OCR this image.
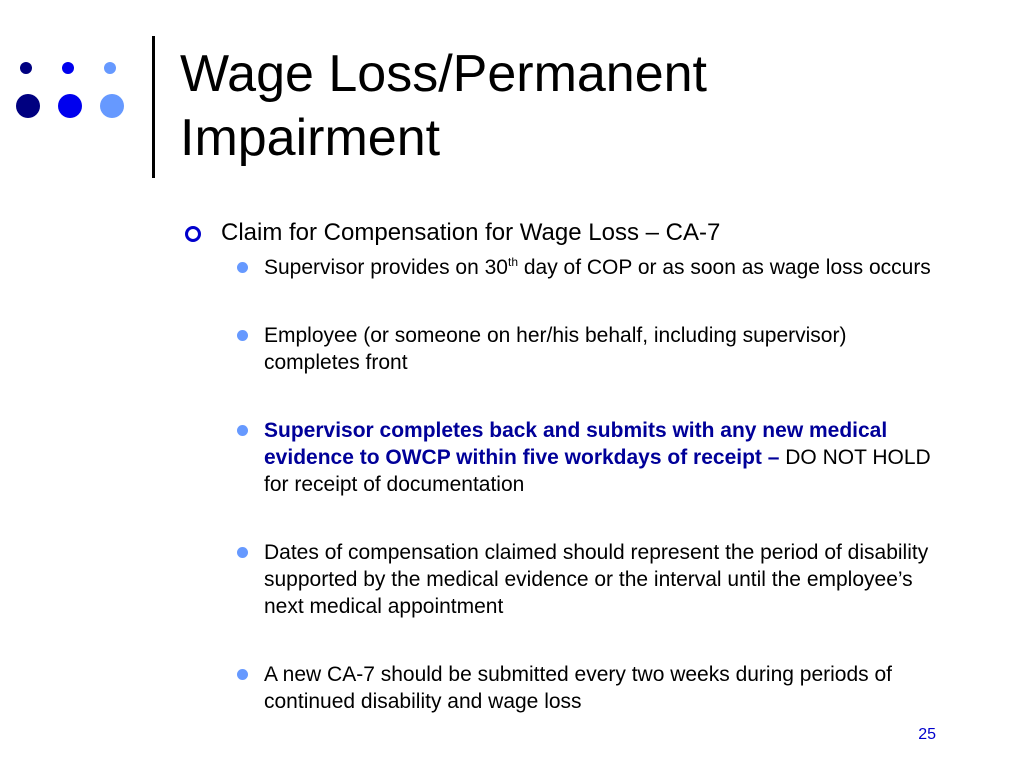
Wage Loss/Permanent
Impairment
Claim for Compensation for Wage Loss – CA-7
Supervisor provides on 30th day of COP or as soon as wage loss occurs
Employee (or someone on her/his behalf, including supervisor) completes front
Supervisor completes back and submits with any new medical evidence to OWCP within five workdays of receipt – DO NOT HOLD for receipt of documentation
Dates of compensation claimed should represent the period of disability supported by the medical evidence or the interval until the employee’s next medical appointment
A new CA-7 should be submitted every two weeks during periods of continued disability and wage loss
25
